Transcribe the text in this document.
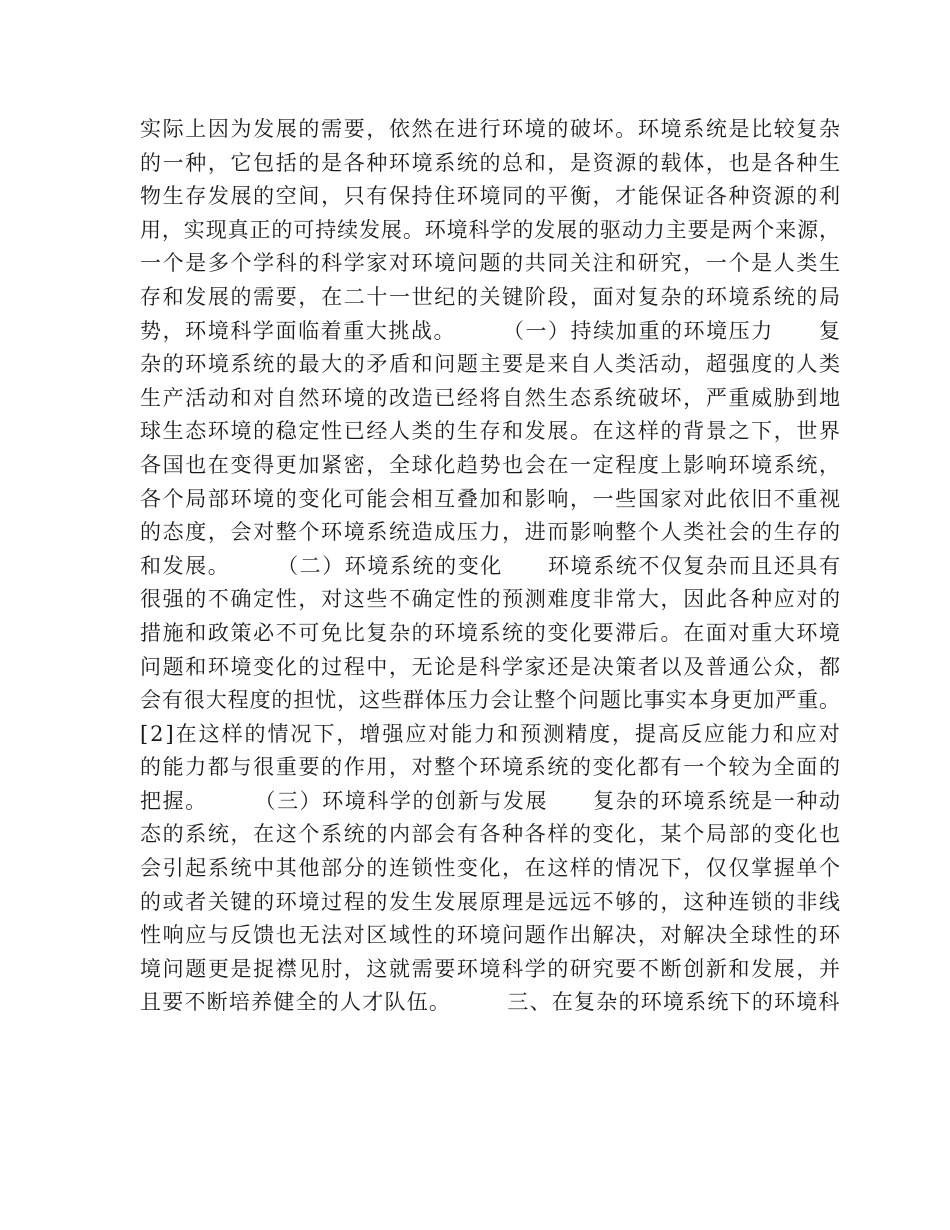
实际上因为发展的需要，依然在进行环境的破坏。环境系统是比较复杂
的一种，它包括的是各种环境系统的总和，是资源的载体，也是各种生
物生存发展的空间，只有保持住环境同的平衡，才能保证各种资源的利
用，实现真正的可持续发展。环境科学的发展的驱动力主要是两个来源，
一个是多个学科的科学家对环境问题的共同关注和研究，一个是人类生
存和发展的需要，在二十一世纪的关键阶段，面对复杂的环境系统的局
势，环境科学面临着重大挑战。　　　（一）持续加重的环境压力　　复
杂的环境系统的最大的矛盾和问题主要是来自人类活动，超强度的人类
生产活动和对自然环境的改造已经将自然生态系统破坏，严重威胁到地
球生态环境的稳定性已经人类的生存和发展。在这样的背景之下，世界
各国也在变得更加紧密，全球化趋势也会在一定程度上影响环境系统，
各个局部环境的变化可能会相互叠加和影响，一些国家对此依旧不重视
的态度，会对整个环境系统造成压力，进而影响整个人类社会的生存的
和发展。　　　（二）环境系统的变化　　环境系统不仅复杂而且还具有
很强的不确定性，对这些不确定性的预测难度非常大，因此各种应对的
措施和政策必不可免比复杂的环境系统的变化要滞后。在面对重大环境
问题和环境变化的过程中，无论是科学家还是决策者以及普通公众，都
会有很大程度的担忧，这些群体压力会让整个问题比事实本身更加严重。
[2]在这样的情况下，增强应对能力和预测精度，提高反应能力和应对
的能力都与很重要的作用，对整个环境系统的变化都有一个较为全面的
把握。　　　（三）环境科学的创新与发展　　复杂的环境系统是一种动
态的系统，在这个系统的内部会有各种各样的变化，某个局部的变化也
会引起系统中其他部分的连锁性变化，在这样的情况下，仅仅掌握单个
的或者关键的环境过程的发生发展原理是远远不够的，这种连锁的非线
性响应与反馈也无法对区域性的环境问题作出解决，对解决全球性的环
境问题更是捉襟见肘，这就需要环境科学的研究要不断创新和发展，并
且要不断培养健全的人才队伍。　　　三、在复杂的环境系统下的环境科
